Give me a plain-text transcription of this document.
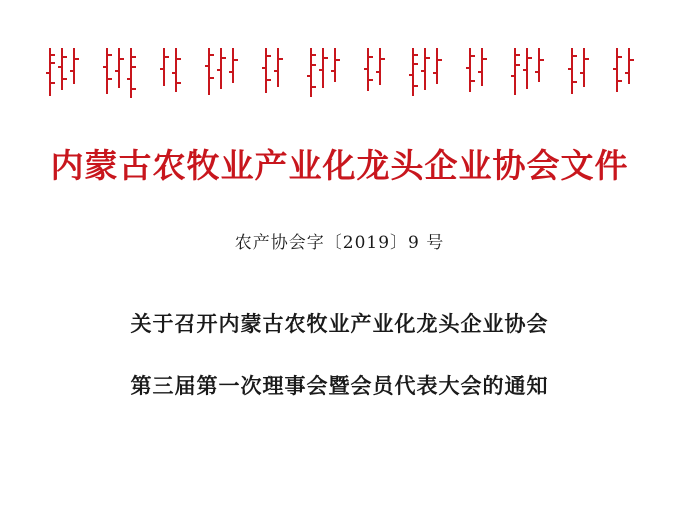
内蒙古农牧业产业化龙头企业协会文件
农产协会字〔2019〕9 号
关于召开内蒙古农牧业产业化龙头企业协会
第三届第一次理事会暨会员代表大会的通知
